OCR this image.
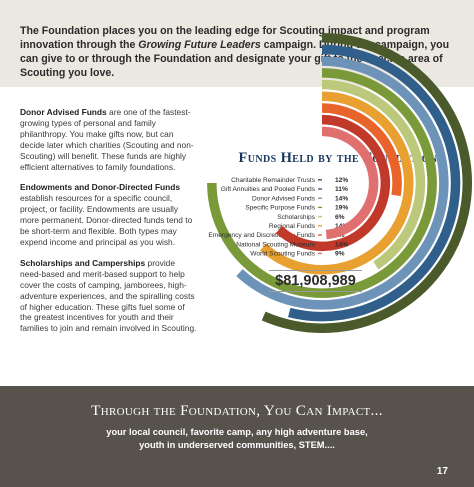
The Foundation places you on the leading edge for Scouting impact and program innovation through the Growing Future Leaders campaign. During the campaign, you can give to or through the Foundation and designate your gift to the specific area of Scouting you love.

Donor Advised Funds are one of the fastest-growing types of personal and family philanthropy. You make gifts now, but can decide later which charities (Scouting and non-Scouting) will benefit. These funds are highly efficient alternatives to family foundations.

Endowments and Donor-Directed Funds establish resources for a specific council, project, or facility. Endowments are usually more permanent. Donor-directed funds tend to be short-term and flexible. Both types may expend income and principal as you wish.

Scholarships and Camperships provide need-based and merit-based support to help cover the costs of camping, jamborees, high-adventure experiences, and the spiralling costs of higher education. These gifts fuel some of the greatest incentives for youth and their families to join and remain involved in Scouting.

Funds Held by the Foundation
Charitable Remainder Trusts	12%
Gift Annuities and Pooled Funds	11%
Donor Advised Funds	14%
Specific Purpose Funds	19%
Scholarships	6%
Regional Funds	14%
Emergency and Discretionary Funds	1%
National Scouting Museum	14%
World Scouting Funds	9%
$81,908,989
Through the Foundation, You Can Impact...
your local council, favorite camp, any high adventure base,
youth in underserved communities, STEM....
17
